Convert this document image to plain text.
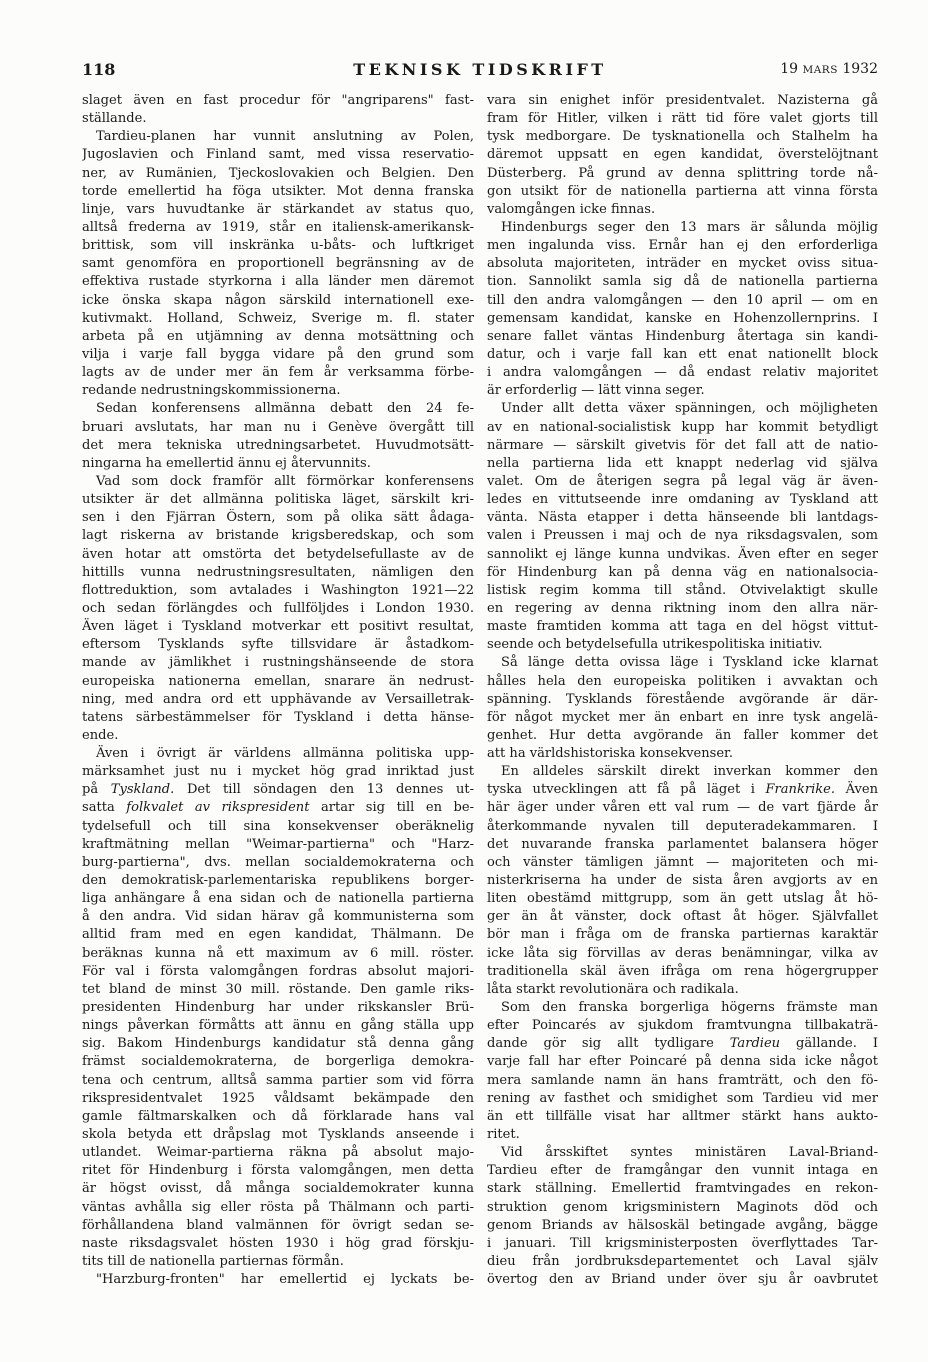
118	TEKNISK TIDSKRIFT	19 MARS 1932
slaget även en fast procedur för "angriparens" fast-
ställande.
Tardieu-planen har vunnit anslutning av Polen,
Jugoslavien och Finland samt, med vissa reservatio-
ner, av Rumänien, Tjeckoslovakien och Belgien. Den
torde emellertid ha föga utsikter. Mot denna franska
linje, vars huvudtanke är stärkandet av status quo,
alltså frederna av 1919, står en italiensk-amerikansk-
brittisk, som vill inskränka u-båts- och luftkriget
samt genomföra en proportionell begränsning av de
effektiva rustade styrkorna i alla länder men däremot
icke önska skapa någon särskild internationell exe-
kutivmakt. Holland, Schweiz, Sverige m. fl. stater
arbeta på en utjämning av denna motsättning och
vilja i varje fall bygga vidare på den grund som
lagts av de under mer än fem år verksamma förbe-
redande nedrustningskommissionerna.
Sedan konferensens allmänna debatt den 24 fe-
bruari avslutats, har man nu i Genève övergått till
det mera tekniska utredningsarbetet. Huvudmotsätt-
ningarna ha emellertid ännu ej återvunnits.
Vad som dock framför allt förmörkar konferensens
utsikter är det allmänna politiska läget, särskilt kri-
sen i den Fjärran Östern, som på olika sätt ådaga-
lagt riskerna av bristande krigsberedskap, och som
även hotar att omstörta det betydelsefullaste av de
hittills vunna nedrustningsresultaten, nämligen den
flottreduktion, som avtalades i Washington 1921—22
och sedan förlängdes och fullföljdes i London 1930.
Även läget i Tyskland motverkar ett positivt resultat,
eftersom Tysklands syfte tillsvidare är åstadkom-
mande av jämlikhet i rustningshänseende de stora
europeiska nationerna emellan, snarare än nedrust-
ning, med andra ord ett upphävande av Versailletrak-
tatens särbestämmelser för Tyskland i detta hänse-
ende.
Även i övrigt är världens allmänna politiska upp-
märksamhet just nu i mycket hög grad inriktad just
på Tyskland. Det till söndagen den 13 dennes ut-
satta folkvalet av rikspresident artar sig till en be-
tydelsefull och till sina konsekvenser oberäknelig
kraftmätning mellan "Weimar-partierna" och "Harz-
burg-partierna", dvs. mellan socialdemokraterna och
den demokratisk-parlementariska republikens borger-
liga anhängare å ena sidan och de nationella partierna
å den andra. Vid sidan härav gå kommunisterna som
alltid fram med en egen kandidat, Thälmann. De
beräknas kunna nå ett maximum av 6 mill. röster.
För val i första valomgången fordras absolut majori-
tet bland de minst 30 mill. röstande. Den gamle riks-
presidenten Hindenburg har under rikskansler Brü-
nings påverkan förmåtts att ännu en gång ställa upp
sig. Bakom Hindenburgs kandidatur stå denna gång
främst socialdemokraterna, de borgerliga demokra-
tena och centrum, alltså samma partier som vid förra
rikspresidentvalet 1925 våldsamt bekämpade den
gamle fältmarskalken och då förklarade hans val
skola betyda ett dråpslag mot Tysklands anseende i
utlandet. Weimar-partierna räkna på absolut majo-
ritet för Hindenburg i första valomgången, men detta
är högst ovisst, då många socialdemokrater kunna
väntas avhålla sig eller rösta på Thälmann och parti-
förhållandena bland valmännen för övrigt sedan se-
naste riksdagsvalet hösten 1930 i hög grad förskju-
tits till de nationella partiernas förmån.
"Harzburg-fronten" har emellertid ej lyckats be-
vara sin enighet inför presidentvalet. Nazisterna gå
fram för Hitler, vilken i rätt tid före valet gjorts till
tysk medborgare. De tysknationella och Stalhelm ha
däremot uppsatt en egen kandidat, överstelöjtnant
Düsterberg. På grund av denna splittring torde nå-
gon utsikt för de nationella partierna att vinna första
valomgången icke finnas.
Hindenburgs seger den 13 mars är sålunda möjlig
men ingalunda viss. Ernår han ej den erforderliga
absoluta majoriteten, inträder en mycket oviss situa-
tion. Sannolikt samla sig då de nationella partierna
till den andra valomgången — den 10 april — om en
gemensam kandidat, kanske en Hohenzollernprins. I
senare fallet väntas Hindenburg återtaga sin kandi-
datur, och i varje fall kan ett enat nationellt block
i andra valomgången — då endast relativ majoritet
är erforderlig — lätt vinna seger.
Under allt detta växer spänningen, och möjligheten
av en national-socialistisk kupp har kommit betydligt
närmare — särskilt givetvis för det fall att de natio-
nella partierna lida ett knappt nederlag vid själva
valet. Om de återigen segra på legal väg är även-
ledes en vittutseende inre omdaning av Tyskland att
vänta. Nästa etapper i detta hänseende bli lantdags-
valen i Preussen i maj och de nya riksdagsvalen, som
sannolikt ej länge kunna undvikas. Även efter en seger
för Hindenburg kan på denna väg en nationalsocia-
listisk regim komma till stånd. Otvivelaktigt skulle
en regering av denna riktning inom den allra när-
maste framtiden komma att taga en del högst vittut-
seende och betydelsefulla utrikespolitiska initiativ.
Så länge detta ovissa läge i Tyskland icke klarnat
hålles hela den europeiska politiken i avvaktan och
spänning. Tysklands förestående avgörande är där-
för något mycket mer än enbart en inre tysk angelä-
genhet. Hur detta avgörande än faller kommer det
att ha världshistoriska konsekvenser.
En alldeles särskilt direkt inverkan kommer den
tyska utvecklingen att få på läget i Frankrike. Även
här äger under våren ett val rum — de vart fjärde år
återkommande nyvalen till deputeradekammaren. I
det nuvarande franska parlamentet balansera höger
och vänster tämligen jämnt — majoriteten och mi-
nisterkriserna ha under de sista åren avgjorts av en
liten obestämd mittgrupp, som än gett utslag åt hö-
ger än åt vänster, dock oftast åt höger. Självfallet
bör man i fråga om de franska partiernas karaktär
icke låta sig förvillas av deras benämningar, vilka av
traditionella skäl även ifråga om rena högergrupper
låta starkt revolutionära och radikala.
Som den franska borgerliga högerns främste man
efter Poincarés av sjukdom framtvungna tillbakaträ-
dande gör sig allt tydligare Tardieu gällande. I
varje fall har efter Poincaré på denna sida icke något
mera samlande namn än hans framträtt, och den fö-
rening av fasthet och smidighet som Tardieu vid mer
än ett tillfälle visat har alltmer stärkt hans aukto-
ritet.
Vid årsskiftet syntes ministären Laval-Briand-
Tardieu efter de framgångar den vunnit intaga en
stark ställning. Emellertid framtvingades en rekon-
struktion genom krigsministern Maginots död och
genom Briands av hälsoskäl betingade avgång, bägge
i januari. Till krigsministerposten överflyttades Tar-
dieu från jordbruksdepartementet och Laval själv
övertog den av Briand under över sju år oavbrutet
